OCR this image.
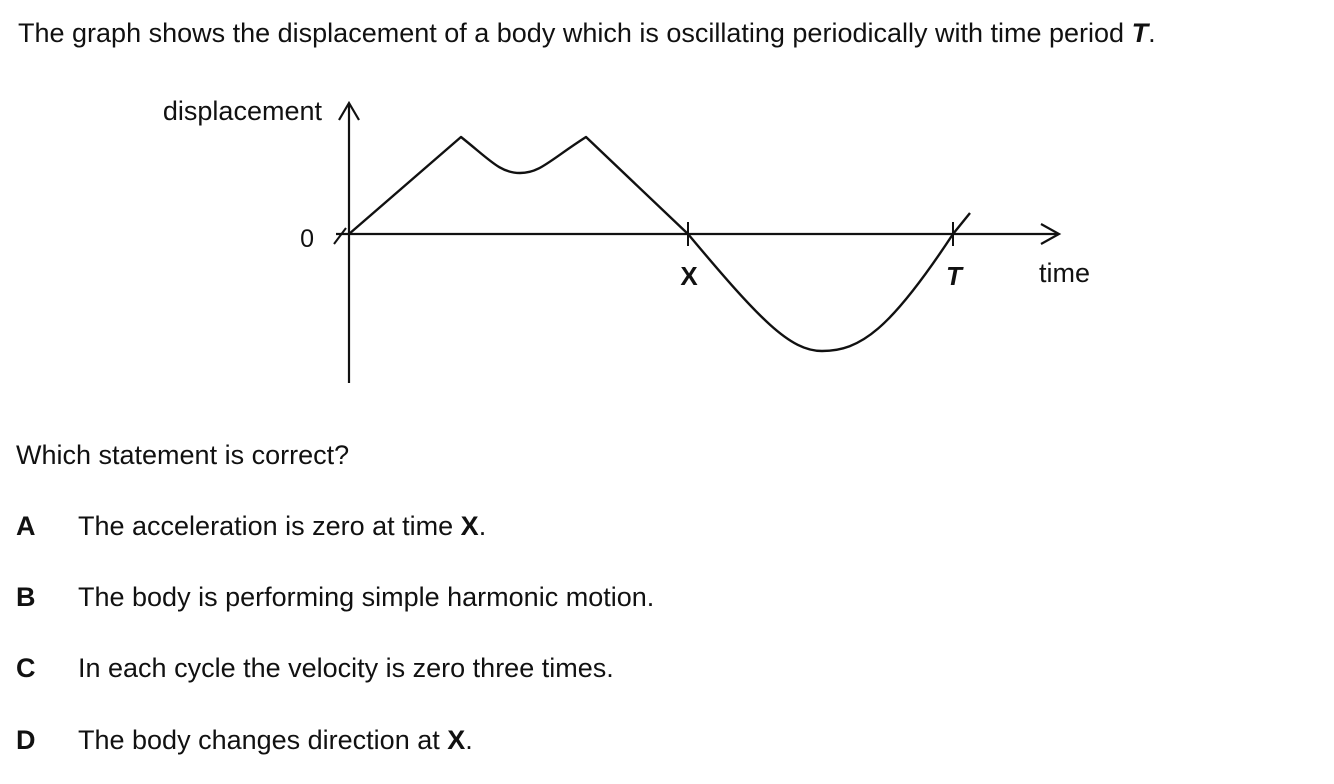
The graph shows the displacement of a body which is oscillating periodically with time period T.
displacement
0
X	T	time
Which statement is correct?
A The acceleration is zero at time X.
B The body is performing simple harmonic motion.
C In each cycle the velocity is zero three times.
D The body changes direction at X.
